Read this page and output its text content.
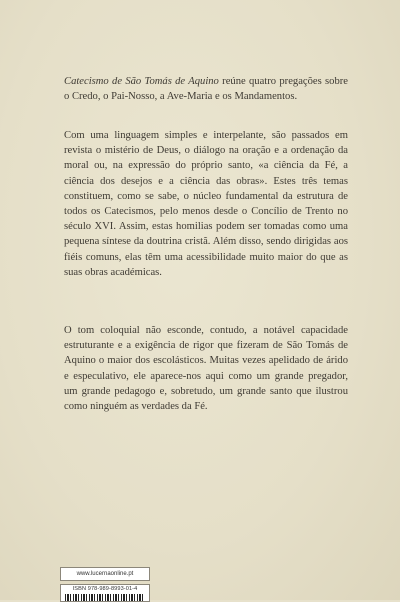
Catecismo de São Tomás de Aquino reúne quatro pregações sobre o Credo, o Pai-Nosso, a Ave-Maria e os Mandamentos.

Com uma linguagem simples e interpelante, são passados em revista o mistério de Deus, o diálogo na oração e a ordenação da moral ou, na expressão do próprio santo, «a ciência da Fé, a ciência dos desejos e a ciência das obras». Estes três temas constituem, como se sabe, o núcleo fundamental da estrutura de todos os Catecismos, pelo menos desde o Concílio de Trento no século XVI. Assim, estas homilias podem ser tomadas como uma pequena síntese da doutrina cristã. Além disso, sendo dirigidas aos fiéis comuns, elas têm uma acessibilidade muito maior do que as suas obras académicas.

O tom coloquial não esconde, contudo, a notável capacidade estruturante e a exigência de rigor que fizeram de São Tomás de Aquino o maior dos escolásticos. Muitas vezes apelidado de árido e especulativo, ele aparece-nos aqui como um grande pregador, um grande pedagogo e, sobretudo, um grande santo que ilustrou como ninguém as verdades da Fé.

www.lucernaonline.pt
ISBN 978-989-8993-01-4
